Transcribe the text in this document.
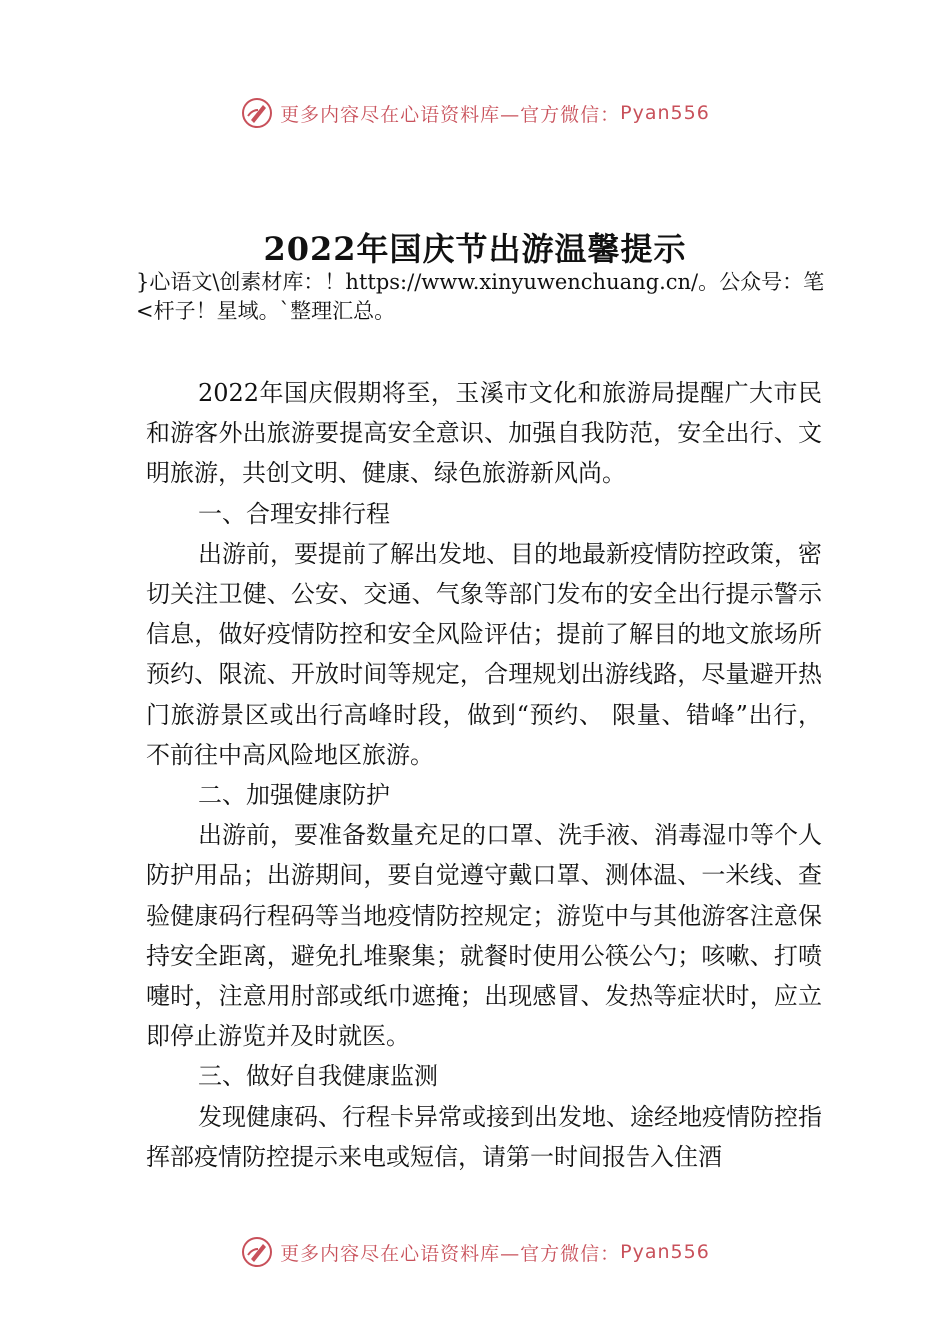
更多内容尽在心语资料库—官方微信： Pyan556
2022年国庆节出游温馨提示
}心语文\创素材库：！https://www.xinyuwenchuang.cn/。公众号：笔<杆子！星域。`整理汇总。

2022年国庆假期将至，玉溪市文化和旅游局提醒广大市民和游客外出旅游要提高安全意识、加强自我防范，安全出行、文明旅游，共创文明、健康、绿色旅游新风尚。

一、合理安排行程

出游前，要提前了解出发地、目的地最新疫情防控政策，密切关注卫健、公安、交通、气象等部门发布的安全出行提示警示信息，做好疫情防控和安全风险评估；提前了解目的地文旅场所预约、限流、开放时间等规定，合理规划出游线路，尽量避开热门旅游景区或出行高峰时段，做到“预约、 限量、错峰”出行，不前往中高风险地区旅游。

二、加强健康防护

出游前，要准备数量充足的口罩、洗手液、消毒湿巾等个人防护用品；出游期间，要自觉遵守戴口罩、测体温、一米线、查验健康码行程码等当地疫情防控规定；游览中与其他游客注意保持安全距离，避免扎堆聚集；就餐时使用公筷公勺；咳嗽、打喷嚏时，注意用肘部或纸巾遮掩；出现感冒、发热等症状时，应立即停止游览并及时就医。

三、做好自我健康监测

发现健康码、行程卡异常或接到出发地、途经地疫情防控指挥部疫情防控提示来电或短信，请第一时间报告入住酒

更多内容尽在心语资料库—官方微信： Pyan556
